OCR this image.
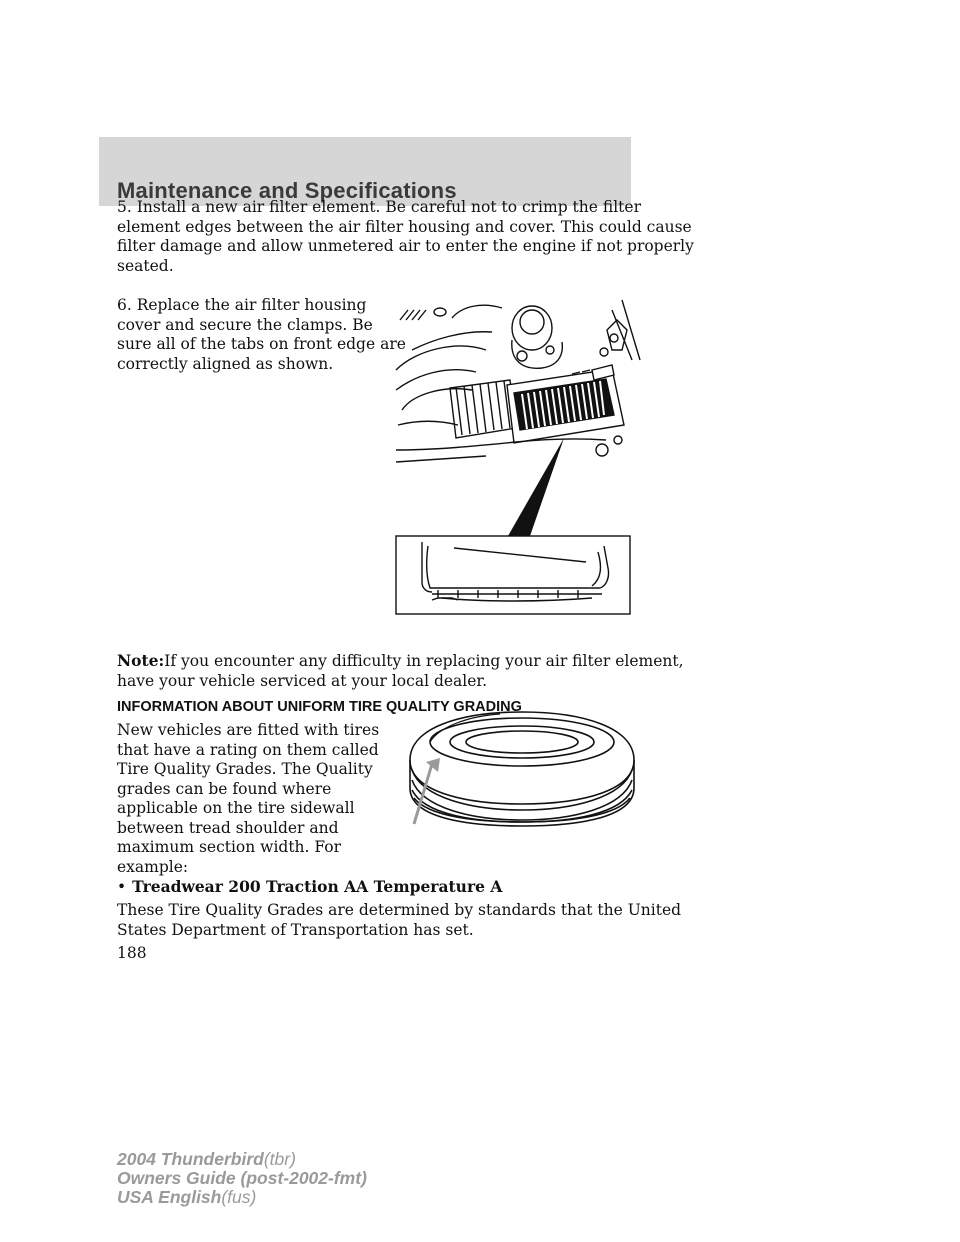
Maintenance and Specifications
5. Install a new air filter element. Be careful not to crimp the filter
element edges between the air filter housing and cover. This could cause
filter damage and allow unmetered air to enter the engine if not properly
seated.
6. Replace the air filter housing
cover and secure the clamps. Be
sure all of the tabs on front edge are
correctly aligned as shown.
Note:If you encounter any difficulty in replacing your air filter element,
have your vehicle serviced at your local dealer.
INFORMATION ABOUT UNIFORM TIRE QUALITY GRADING
New vehicles are fitted with tires
that have a rating on them called
Tire Quality Grades. The Quality
grades can be found where
applicable on the tire sidewall
between tread shoulder and
maximum section width. For
example:
• Treadwear 200 Traction AA Temperature A
These Tire Quality Grades are determined by standards that the United
States Department of Transportation has set.
188
2004 Thunderbird(tbr)
Owners Guide (post-2002-fmt)
USA English(fus)
